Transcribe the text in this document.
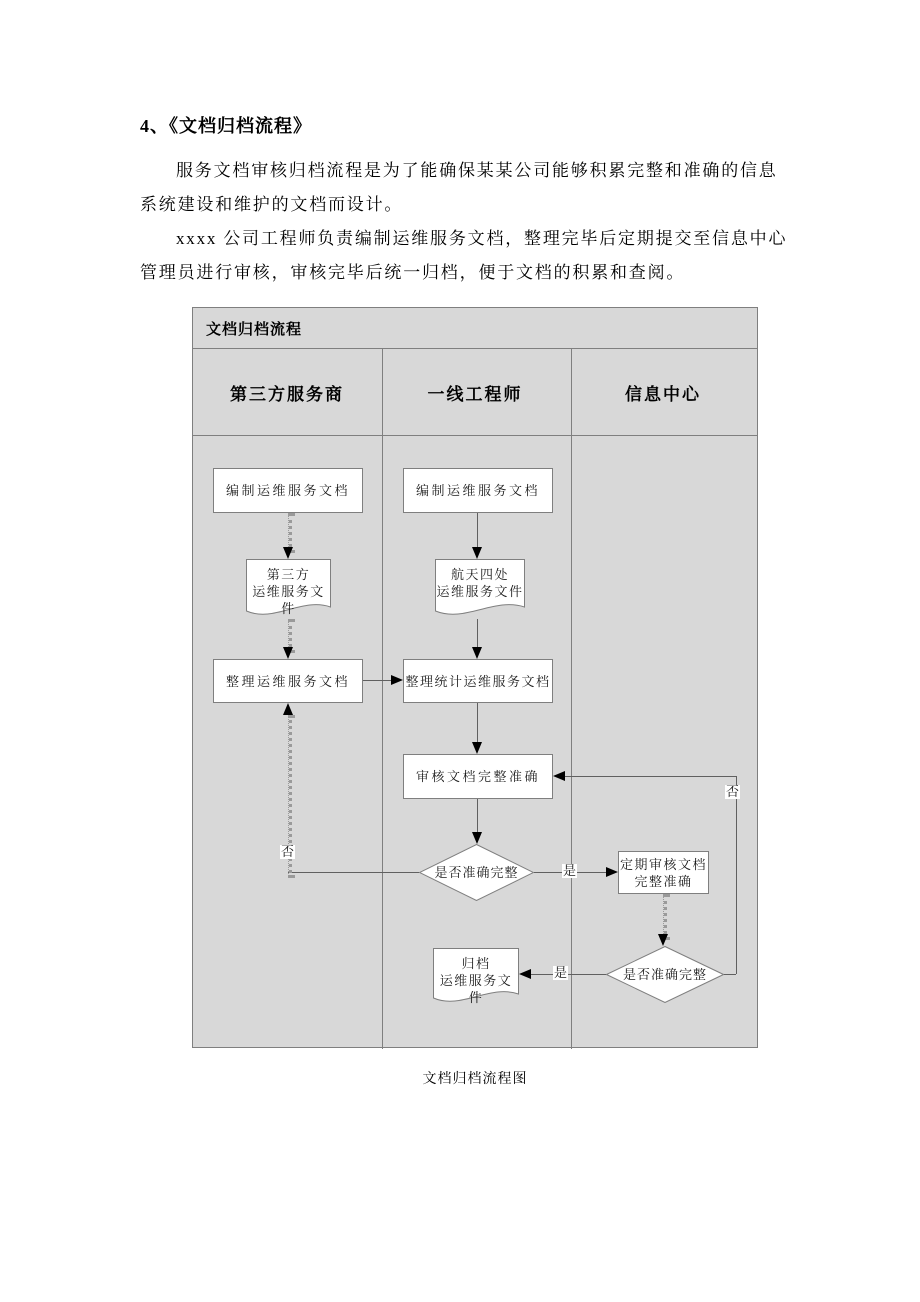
4、《文档归档流程》
服务文档审核归档流程是为了能确保某某公司能够积累完整和准确的信息
系统建设和维护的文档而设计。
xxxx 公司工程师负责编制运维服务文档，整理完毕后定期提交至信息中心
管理员进行审核，审核完毕后统一归档，便于文档的积累和查阅。
文档归档流程
第三方服务商	一线工程师	信息中心
否
是
是
否
编制运维服务文档
第三方
运维服务文件
整理运维服务文档
编制运维服务文档
航天四处
运维服务文件
整理统计运维服务文档
审核文档完整准确
是否准确完整
定期审核文档
完整准确
是否准确完整
归档
运维服务文件
文档归档流程图
